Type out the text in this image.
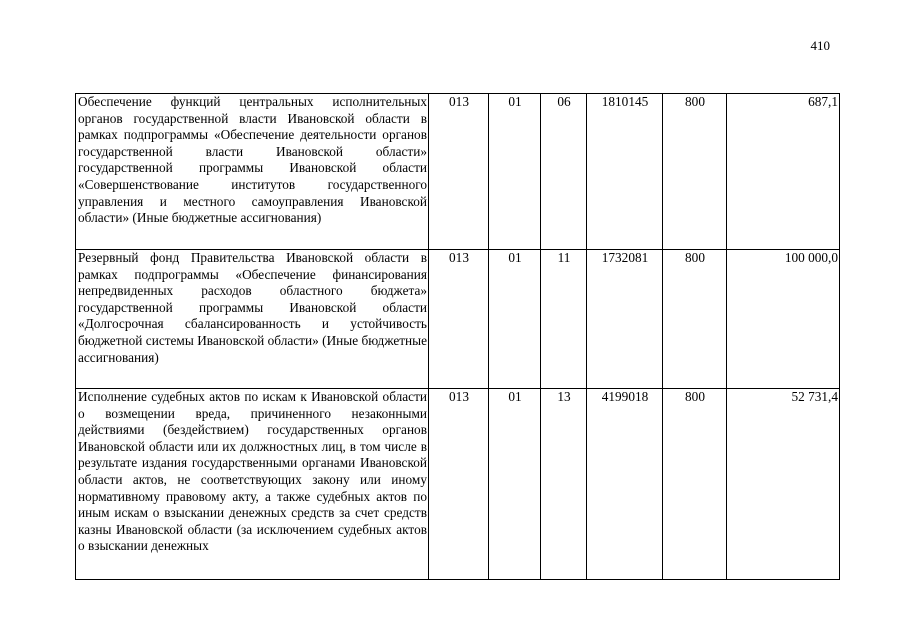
410
Обеспечение функций центральных исполнительных органов государственной власти Ивановской области в рамках подпрограммы «Обеспечение деятельности органов государственной власти Ивановской области» государственной программы Ивановской области «Совершенствование институтов государственного управления и местного самоуправления Ивановской области» (Иные бюджетные ассигнования)	013	01	06	1810145	800	687,1
Резервный фонд Правительства Ивановской области в рамках подпрограммы «Обеспечение финансирования непредвиденных расходов областного бюджета» государственной программы Ивановской области «Долгосрочная сбалансированность и устойчивость бюджетной системы Ивановской области» (Иные бюджетные ассигнования)	013	01	11	1732081	800	100 000,0
Исполнение судебных актов по искам к Ивановской области о возмещении вреда, причиненного незаконными действиями (бездействием) государственных органов Ивановской области или их должностных лиц, в том числе в результате издания государственными органами Ивановской области актов, не соответствующих закону или иному нормативному правовому акту, а также судебных актов по иным искам о взыскании денежных средств за счет средств казны Ивановской области (за исключением судебных актов о взыскании денежных	013	01	13	4199018	800	52 731,4
